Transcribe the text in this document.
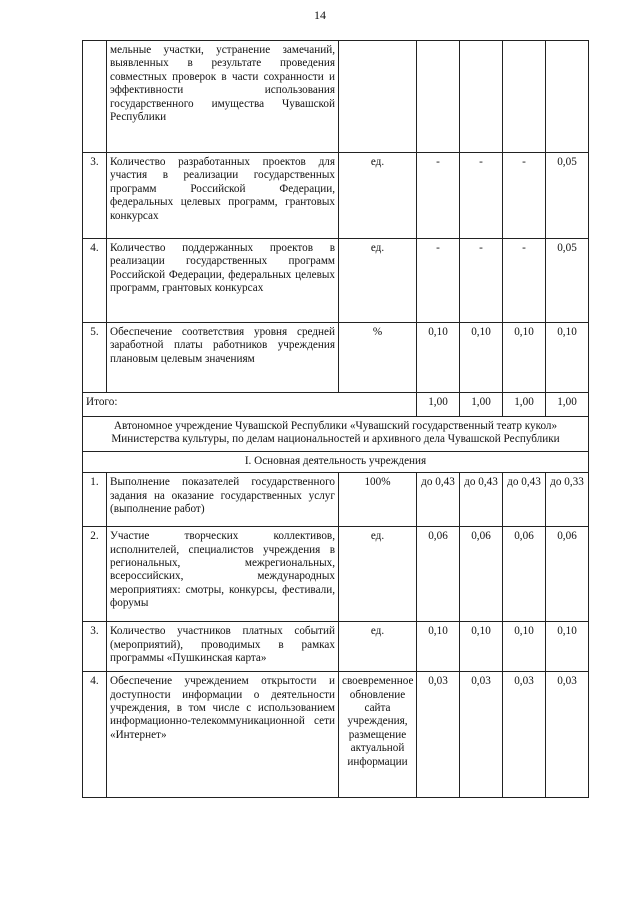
14
	мельные участки, устранение замечаний, выявленных в результате проведения совместных проверок в части сохранности и эффективности использования государственного имущества Чувашской Республики					
3.	Количество разработанных проектов для участия в реализации государственных программ Российской Федерации, федеральных целевых программ, грантовых конкурсах	ед.	-	-	-	0,05
4.	Количество поддержанных проектов в реализации государственных программ Российской Федерации, федеральных целевых программ, грантовых конкурсах	ед.	-	-	-	0,05
5.	Обеспечение соответствия уровня средней заработной платы работников учреждения плановым целевым значениям	%	0,10	0,10	0,10	0,10
Итого:			1,00	1,00	1,00	1,00
Автономное учреждение Чувашской Республики «Чувашский государственный театр кукол» Министерства культуры, по делам национальностей и архивного дела Чувашской Республики						
I. Основная деятельность учреждения						
1.	Выполнение показателей государственного задания на оказание государственных услуг (выполнение работ)	100%	до 0,43	до 0,43	до 0,43	до 0,33
2.	Участие творческих коллективов, исполнителей, специалистов учреждения в региональных, межрегиональных, всероссийских, международных мероприятиях: смотры, конкурсы, фестивали, форумы	ед.	0,06	0,06	0,06	0,06
3.	Количество участников платных событий (мероприятий), проводимых в рамках программы «Пушкинская карта»	ед.	0,10	0,10	0,10	0,10
4.	Обеспечение учреждением открытости и доступности информации о деятельности учреждения, в том числе с использованием информационно-телекоммуникационной сети «Интернет»	своевременное обновление сайта учреждения, размещение актуальной информации	0,03	0,03	0,03	0,03
